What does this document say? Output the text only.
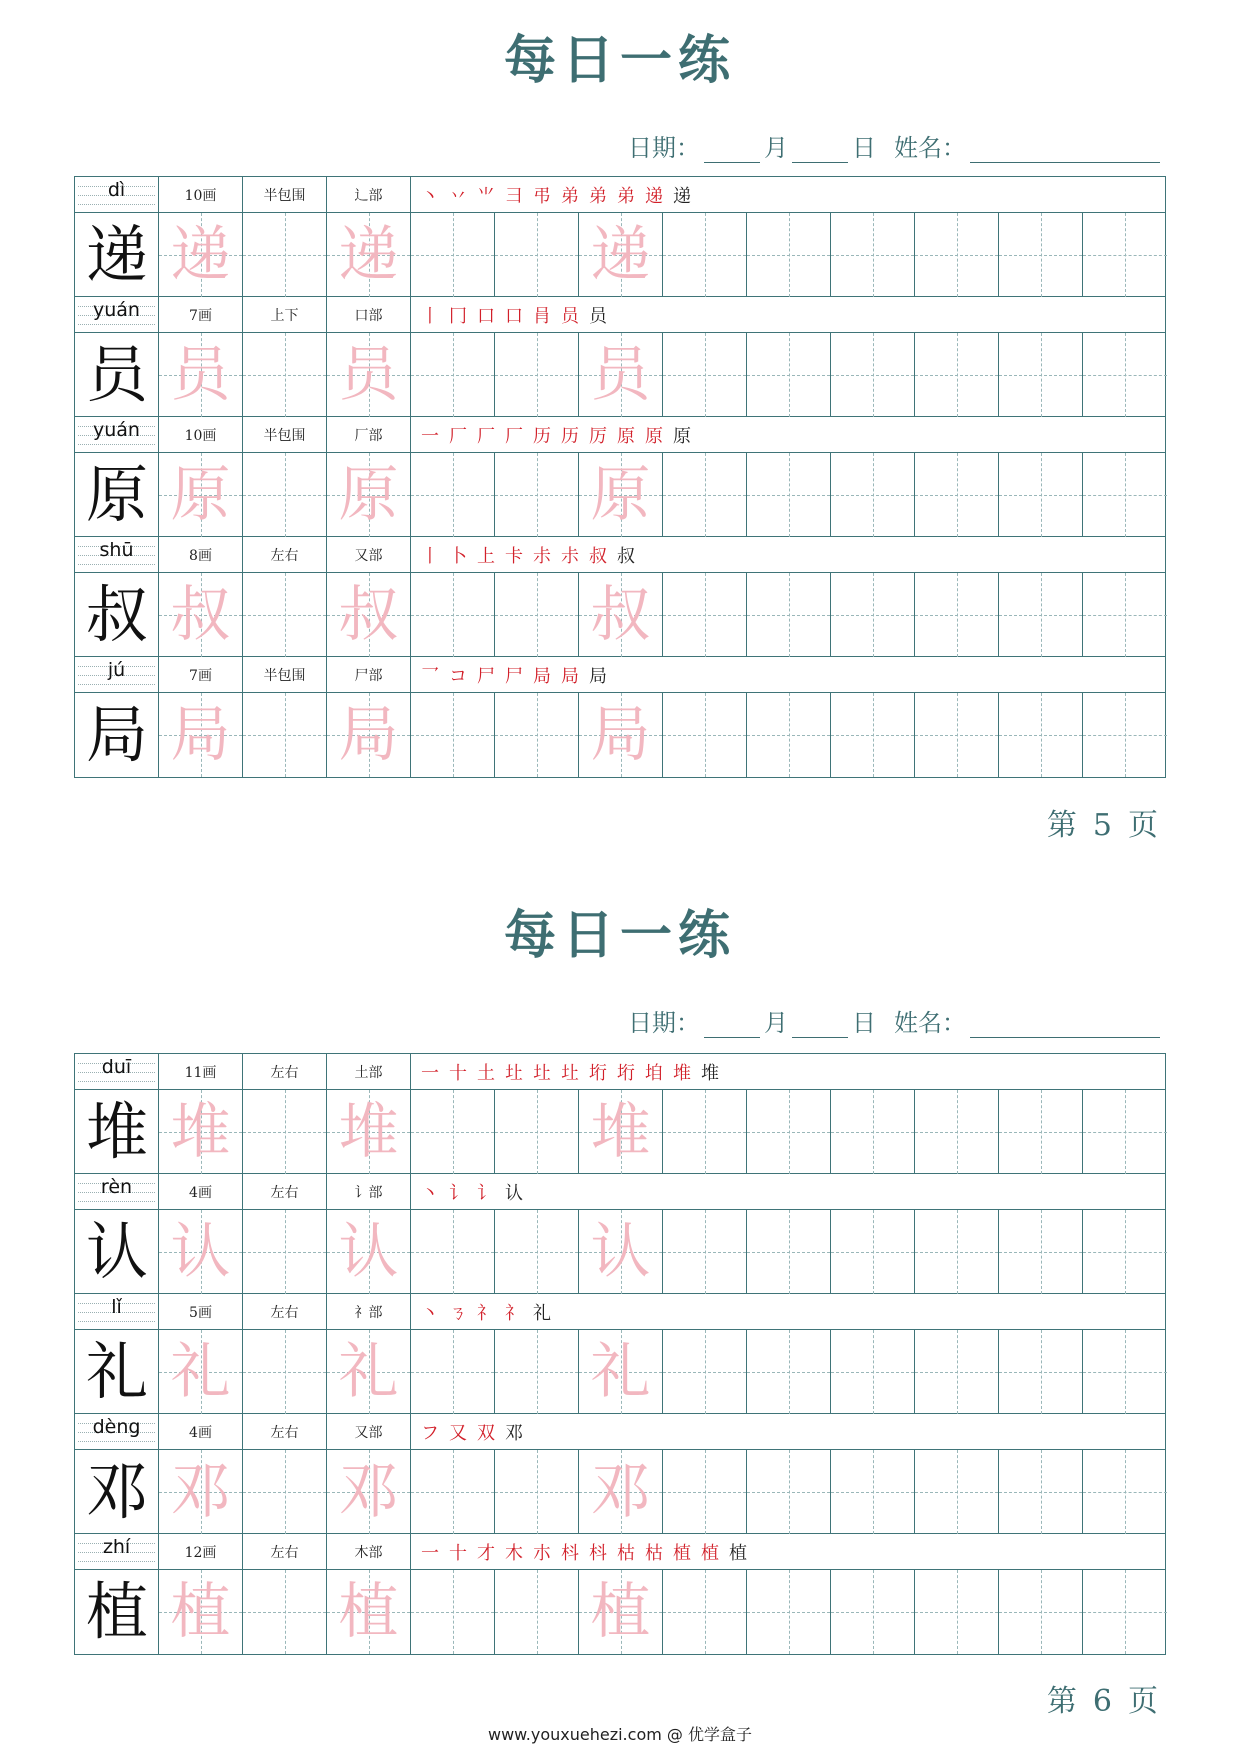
每日一练
日期：	月	日 姓名：
dì	10画	半包围	辶部	丶 丷 ⺌ ⺕ 弔 弟 弟 弟 递 递
递 递 递	递
yuán	7画	上下	口部	丨 冂 口 口 肙 员 员
员 员 员	员
yuán	10画	半包围	厂部	一 厂 厂 厂 历 历 厉 原 原 原
原 原 原	原
shū	8画	左右	又部	丨 卜 上 卡 尗 尗 叔 叔
叔 叔 叔	叔
jú	7画	半包围	尸部	乛 コ 尸 尸 局 局 局
局 局 局	局
第 5 页
每日一练
日期：	月	日 姓名：
duī	11画	左右	土部	一 十 土 圵 圵 圵 垳 垳 垍 堆 堆
堆 堆 堆	堆
rèn	4画	左右	讠部	丶 讠 讠 认
认 认 认	认
lǐ	5画	左右	礻部	丶 ㄋ 礻 礻 礼
礼 礼 礼	礼
dèng	4画	左右	又部	フ 又 双 邓
邓 邓 邓	邓
zhí	12画	左右	木部	一 十 才 木 朩 枓 枓 枯 枯 植 植 植
植 植 植	植
第 6 页
www.youxuehezi.com @ 优学盒子
